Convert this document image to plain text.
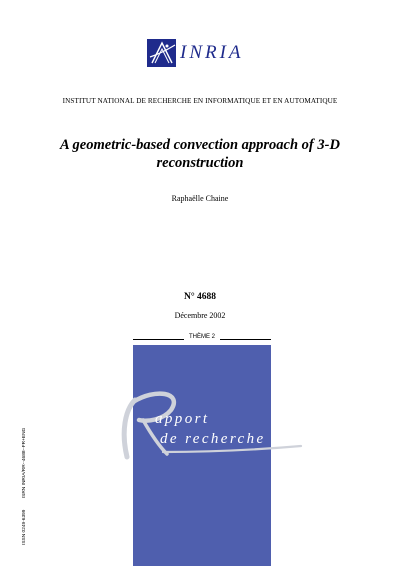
INRIA
INSTITUT NATIONAL DE RECHERCHE EN INFORMATIQUE ET EN AUTOMATIQUE
A geometric-based convection approach of 3-D
reconstruction
Raphaëlle Chaine
N° 4688
Décembre 2002
THÈME 2
apport
de recherche
ISSN 0249-6399 ISRN INRIA/RR--4688--FR+ENG
